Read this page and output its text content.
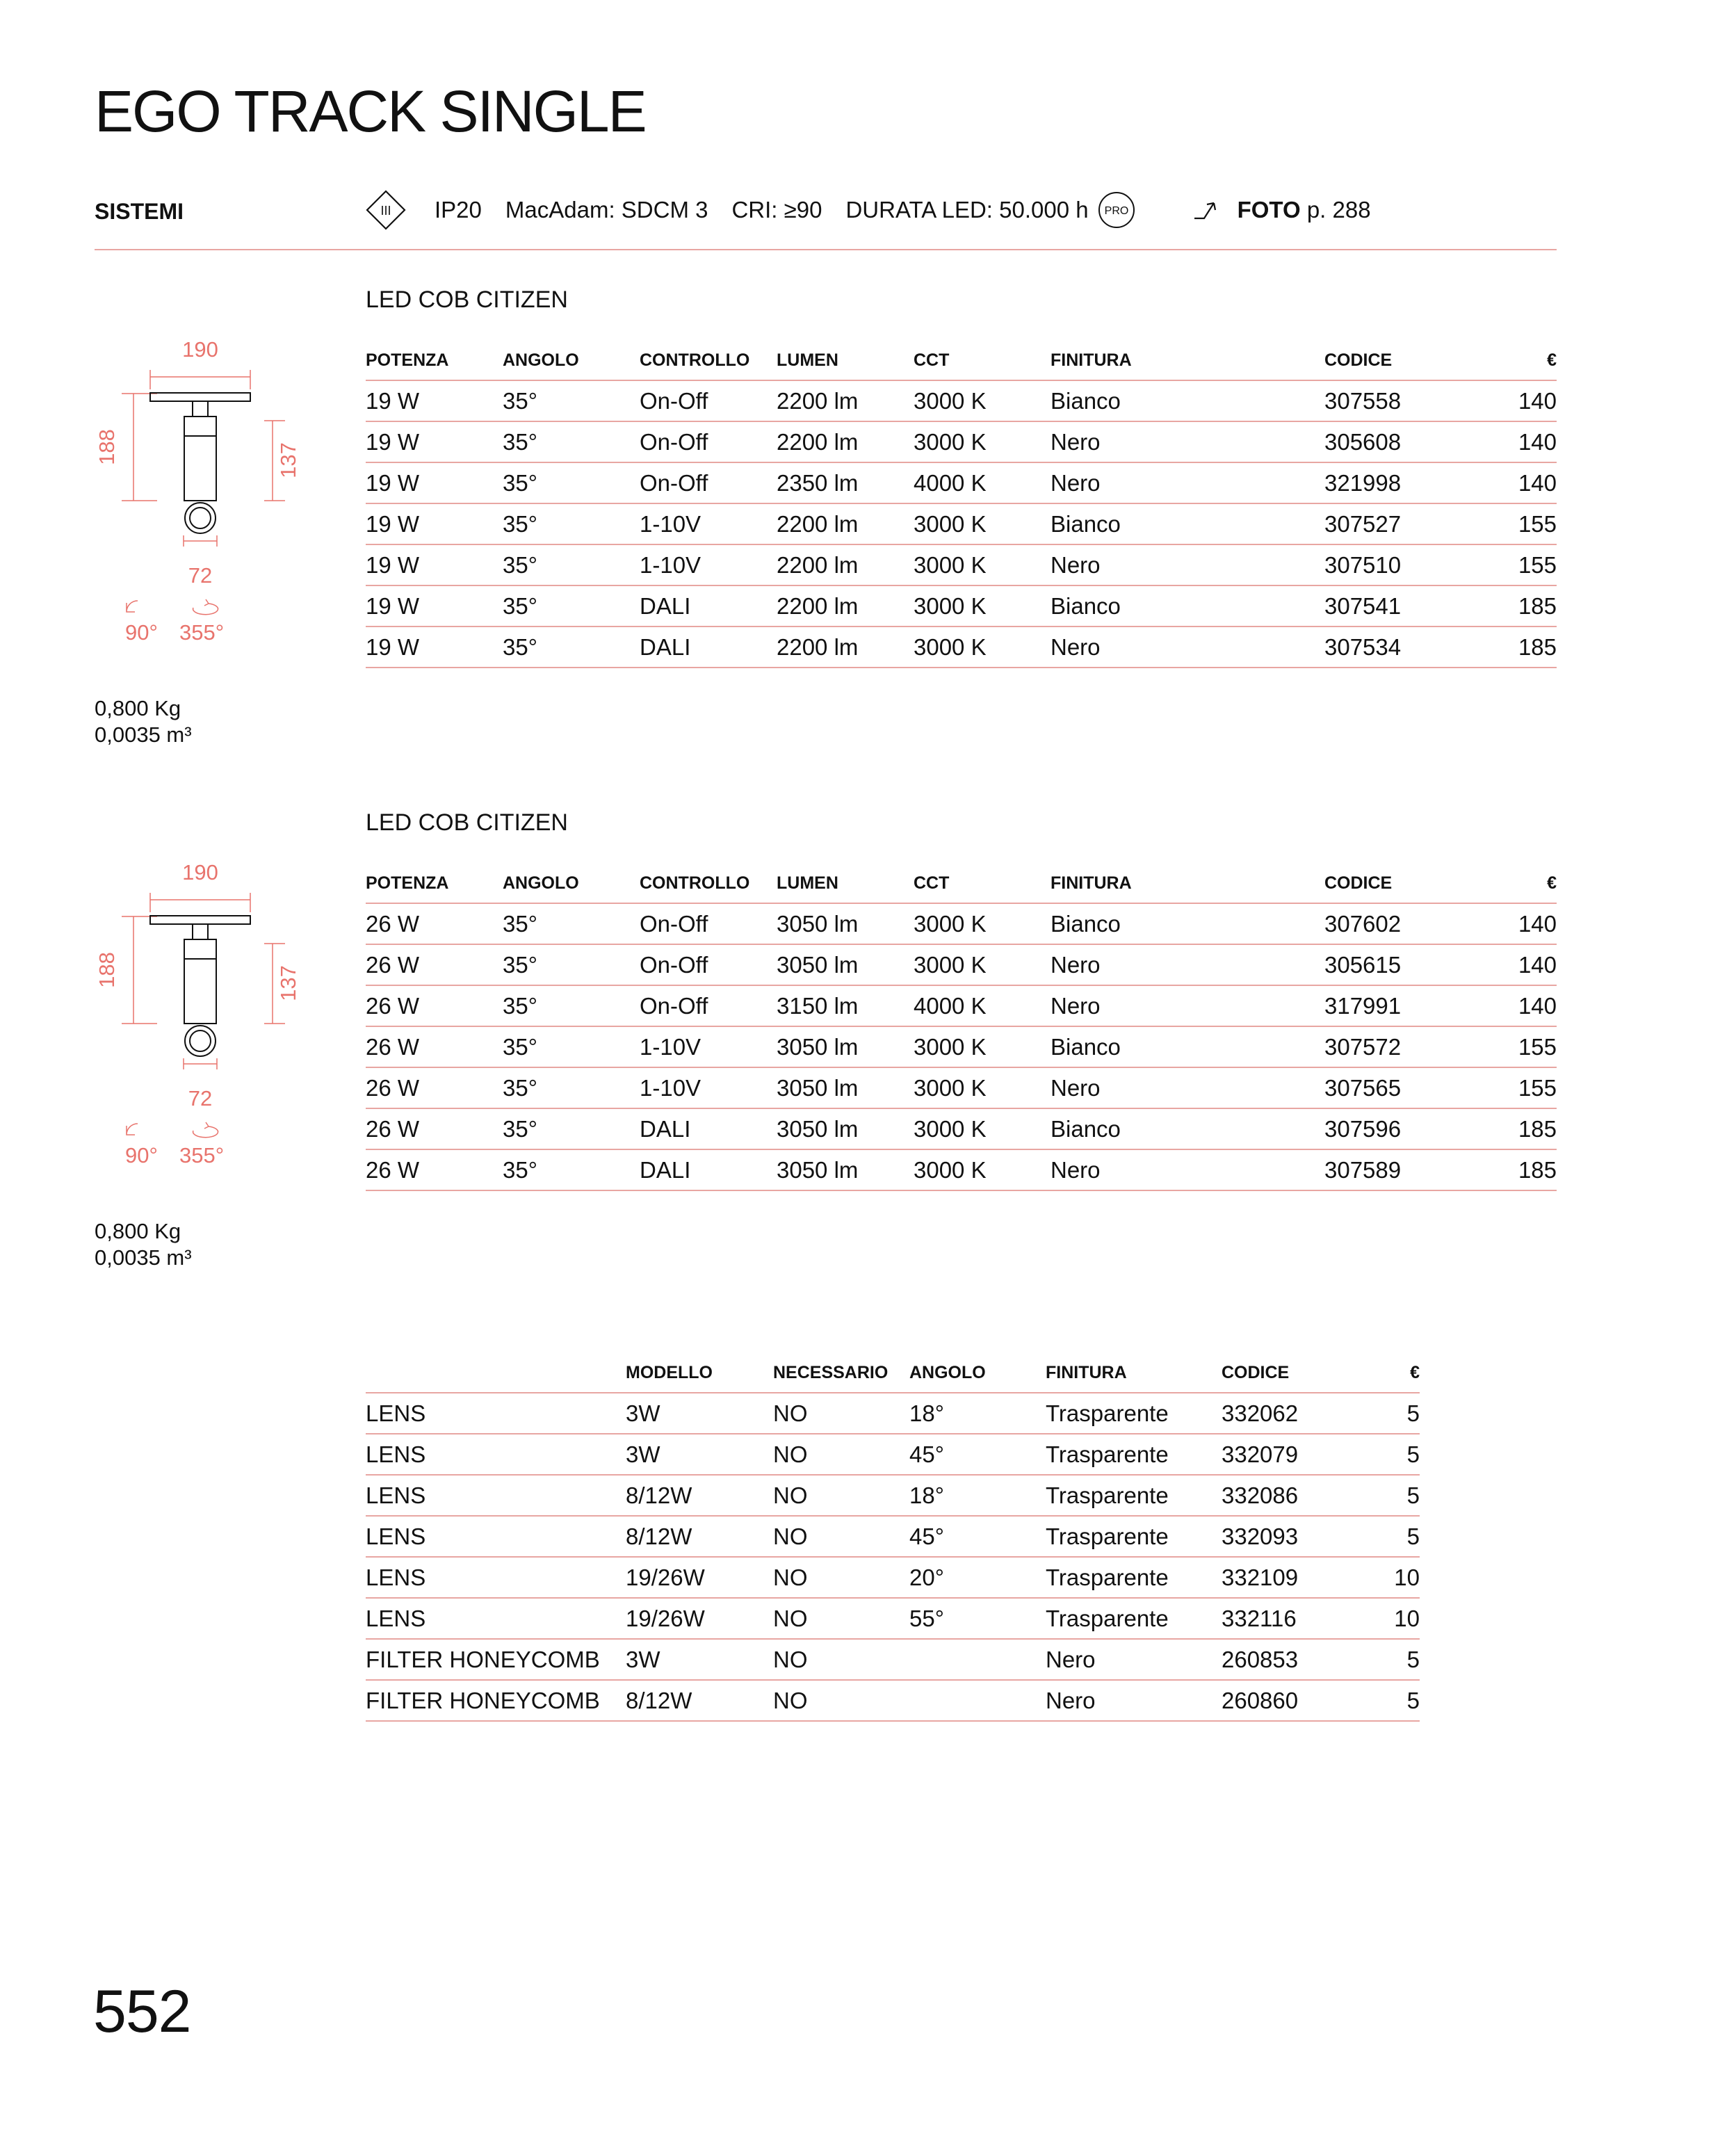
EGO TRACK SINGLE
SISTEMI	III IP20 MacAdam: SDCM 3 CRI: ≥90 DURATA LED: 50.000 h PRO	FOTO p. 288
LED COB CITIZEN
190
72
188	137
90° 355°
0,800 Kg
0,0035 m³
POTENZA	ANGOLO	CONTROLLO	LUMEN	CCT	FINITURA	CODICE	€
19 W	35°	On-Off	2200 lm	3000 K	Bianco	307558	140
19 W	35°	On-Off	2200 lm	3000 K	Nero	305608	140
19 W	35°	On-Off	2350 lm	4000 K	Nero	321998	140
19 W	35°	1-10V	2200 lm	3000 K	Bianco	307527	155
19 W	35°	1-10V	2200 lm	3000 K	Nero	307510	155
19 W	35°	DALI	2200 lm	3000 K	Bianco	307541	185
19 W	35°	DALI	2200 lm	3000 K	Nero	307534	185
LED COB CITIZEN
190
72
188	137
90° 355°
0,800 Kg
0,0035 m³
POTENZA	ANGOLO	CONTROLLO	LUMEN	CCT	FINITURA	CODICE	€
26 W	35°	On-Off	3050 lm	3000 K	Bianco	307602	140
26 W	35°	On-Off	3050 lm	3000 K	Nero	305615	140
26 W	35°	On-Off	3150 lm	4000 K	Nero	317991	140
26 W	35°	1-10V	3050 lm	3000 K	Bianco	307572	155
26 W	35°	1-10V	3050 lm	3000 K	Nero	307565	155
26 W	35°	DALI	3050 lm	3000 K	Bianco	307596	185
26 W	35°	DALI	3050 lm	3000 K	Nero	307589	185
	MODELLO	NECESSARIO	ANGOLO	FINITURA	CODICE	€
LENS	3W	NO	18°	Trasparente	332062	5
LENS	3W	NO	45°	Trasparente	332079	5
LENS	8/12W	NO	18°	Trasparente	332086	5
LENS	8/12W	NO	45°	Trasparente	332093	5
LENS	19/26W	NO	20°	Trasparente	332109	10
LENS	19/26W	NO	55°	Trasparente	332116	10
FILTER HONEYCOMB	3W	NO		Nero	260853	5
FILTER HONEYCOMB	8/12W	NO		Nero	260860	5
552
